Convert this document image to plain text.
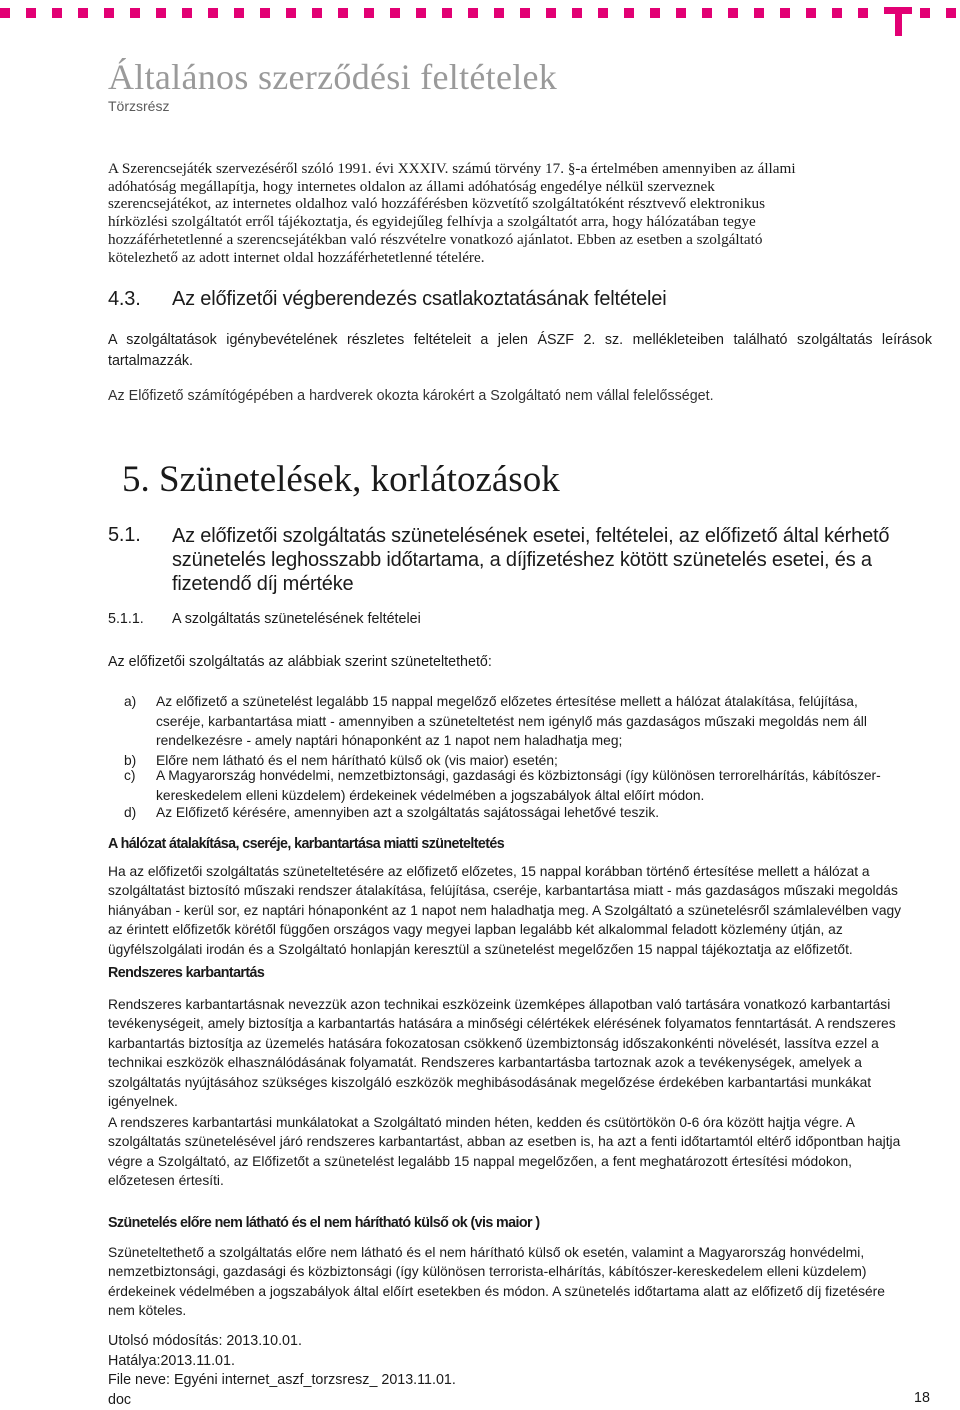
Általános szerződési feltételek
Törzsrész
A Szerencsejáték szervezéséről szóló 1991. évi XXXIV. számú törvény 17. §-a értelmében amennyiben az állami
adóhatóság megállapítja, hogy internetes oldalon az állami adóhatóság engedélye nélkül szerveznek
szerencsejátékot, az internetes oldalhoz való hozzáférésben közvetítő szolgáltatóként résztvevő elektronikus
hírközlési szolgáltatót erről tájékoztatja, és egyidejűleg felhívja a szolgáltatót arra, hogy hálózatában tegye
hozzáférhetetlenné a szerencsejátékban való részvételre vonatkozó ajánlatot. Ebben az esetben a szolgáltató
kötelezhető az adott internet oldal hozzáférhetetlenné tételére.
4.3. Az előfizetői végberendezés csatlakoztatásának feltételei
A szolgáltatások igénybevételének részletes feltételeit a jelen ÁSZF 2. sz. mellékleteiben található szolgáltatás leírások tartalmazzák.
Az Előfizető számítógépében a hardverek okozta károkért a Szolgáltató nem vállal felelősséget.
5. Szünetelések, korlátozások
5.1. Az előfizetői szolgáltatás szünetelésének esetei, feltételei, az előfizető által kérhető szünetelés leghosszabb időtartama, a díjfizetéshez kötött szünetelés esetei, és a fizetendő díj mértéke
5.1.1. A szolgáltatás szünetelésének feltételei
Az előfizetői szolgáltatás az alábbiak szerint szüneteltethető:
a) Az előfizető a szünetelést legalább 15 nappal megelőző előzetes értesítése mellett a hálózat átalakítása, felújítása, cseréje, karbantartása miatt - amennyiben a szüneteltetést nem igénylő más gazdaságos műszaki megoldás nem áll rendelkezésre - amely naptári hónaponként az 1 napot nem haladhatja meg;
b) Előre nem látható és el nem hárítható külső ok (vis maior) esetén;
c) A Magyarország honvédelmi, nemzetbiztonsági, gazdasági és közbiztonsági (így különösen terrorelhárítás, kábítószer-kereskedelem elleni küzdelem) érdekeinek védelmében a jogszabályok által előírt módon.
d) Az Előfizető kérésére, amennyiben azt a szolgáltatás sajátosságai lehetővé teszik.
A hálózat átalakítása, cseréje, karbantartása miatti szüneteltetés
Ha az előfizetői szolgáltatás szüneteltetésére az előfizető előzetes, 15 nappal korábban történő értesítése mellett a hálózat a szolgáltatást biztosító műszaki rendszer átalakítása, felújítása, cseréje, karbantartása miatt - más gazdaságos műszaki megoldás hiányában - kerül sor, ez naptári hónaponként az 1 napot nem haladhatja meg. A Szolgáltató a szünetelésről számlalevélben vagy az érintett előfizetők körétől függően országos vagy megyei lapban legalább két alkalommal feladott közlemény útján, az ügyfélszolgálati irodán és a Szolgáltató honlapján keresztül a szünetelést megelőzően 15 nappal tájékoztatja az előfizetőt.
Rendszeres karbantartás
Rendszeres karbantartásnak nevezzük azon technikai eszközeink üzemképes állapotban való tartására vonatkozó karbantartási tevékenységeit, amely biztosítja a karbantartás hatására a minőségi célértékek elérésének folyamatos fenntartását. A rendszeres karbantartás biztosítja az üzemelés hatására fokozatosan csökkenő üzembiztonság időszakonkénti növelését, lassítva ezzel a technikai eszközök elhasználódásának folyamatát. Rendszeres karbantartásba tartoznak azok a tevékenységek, amelyek a szolgáltatás nyújtásához szükséges kiszolgáló eszközök meghibásodásának megelőzése érdekében karbantartási munkákat igényelnek.
A rendszeres karbantartási munkálatokat a Szolgáltató minden héten, kedden és csütörtökön 0-6 óra között hajtja végre. A szolgáltatás szünetelésével járó rendszeres karbantartást, abban az esetben is, ha azt a fenti időtartamtól eltérő időpontban hajtja végre a Szolgáltató, az Előfizetőt a szünetelést legalább 15 nappal megelőzően, a fent meghatározott értesítési módokon, előzetesen értesíti.
Szünetelés előre nem látható és el nem hárítható külső ok (vis maior )
Szüneteltethető a szolgáltatás előre nem látható és el nem hárítható külső ok esetén, valamint a Magyarország honvédelmi, nemzetbiztonsági, gazdasági és közbiztonsági (így különösen terrorista-elhárítás, kábítószer-kereskedelem elleni küzdelem) érdekeinek védelmében a jogszabályok által előírt esetekben és módon. A szünetelés időtartama alatt az előfizető díj fizetésére nem köteles.
Utolsó módosítás: 2013.10.01.
Hatálya:2013.11.01.
File neve: Egyéni internet_aszf_torzsresz_ 2013.11.01.
doc	18
